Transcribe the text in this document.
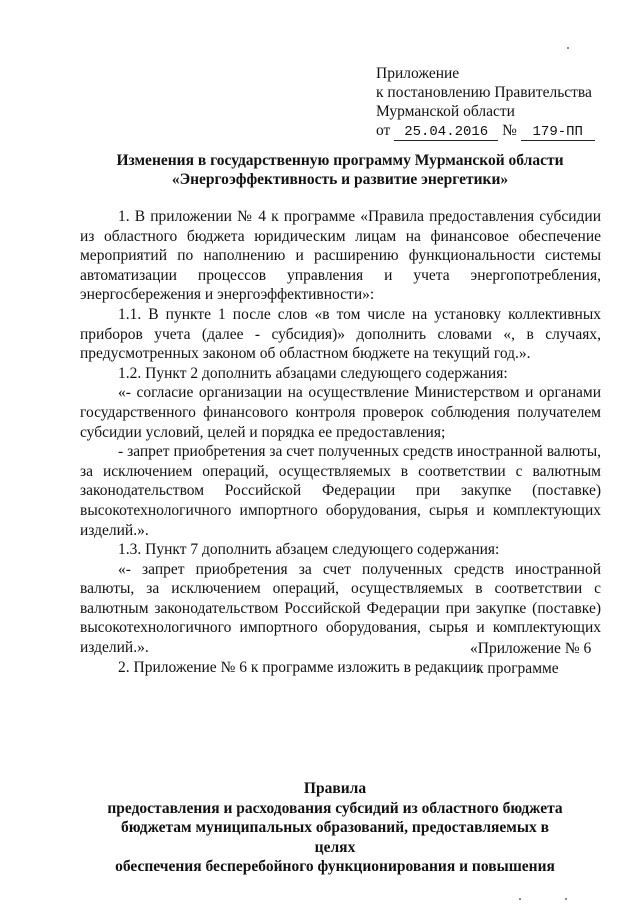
Приложение
к постановлению Правительства
Мурманской области
от 25.04.2016 № 179-ПП
Изменения в государственную программу Мурманской области
«Энергоэффективность и развитие энергетики»

1. В приложении № 4 к программе «Правила предоставления субсидии из областного бюджета юридическим лицам на финансовое обеспечение мероприятий по наполнению и расширению функциональности системы автоматизации процессов управления и учета энергопотребления, энергосбережения и энергоэффективности»:

1.1. В пункте 1 после слов «в том числе на установку коллективных приборов учета (далее - субсидия)» дополнить словами «, в случаях, предусмотренных законом об областном бюджете на текущий год.».

1.2. Пункт 2 дополнить абзацами следующего содержания:

«- согласие организации на осуществление Министерством и органами государственного финансового контроля проверок соблюдения получателем субсидии условий, целей и порядка ее предоставления;

- запрет приобретения за счет полученных средств иностранной валюты, за исключением операций, осуществляемых в соответствии с валютным законодательством Российской Федерации при закупке (поставке) высокотехнологичного импортного оборудования, сырья и комплектующих изделий.».

1.3. Пункт 7 дополнить абзацем следующего содержания:

«- запрет приобретения за счет полученных средств иностранной валюты, за исключением операций, осуществляемых в соответствии с валютным законодательством Российской Федерации при закупке (поставке) высокотехнологичного импортного оборудования, сырья и комплектующих изделий.».

2. Приложение № 6 к программе изложить в редакции:

«Приложение № 6
к программе
Правила
предоставления и расходования субсидий из областного бюджета
бюджетам муниципальных образований, предоставляемых в целях
обеспечения бесперебойного функционирования и повышения
